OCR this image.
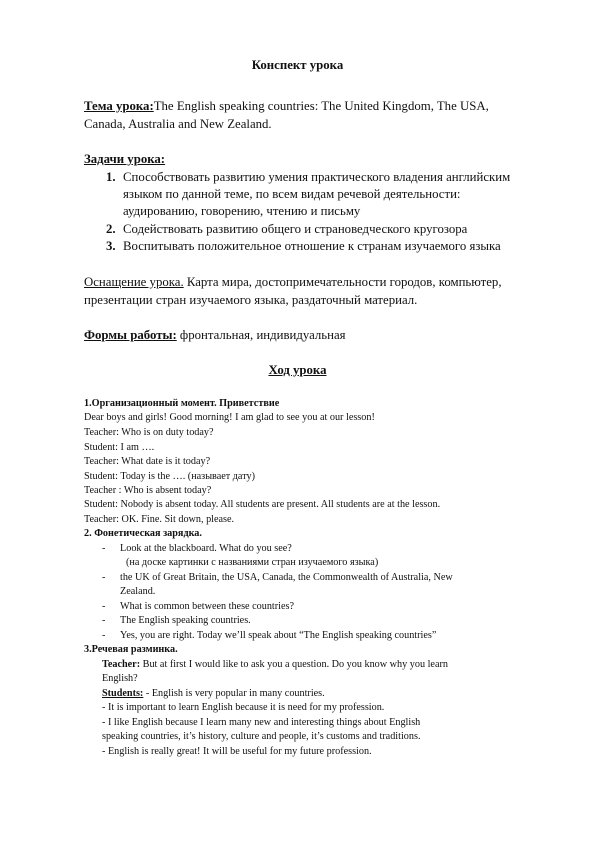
Конспект урока
Тема урока:The English speaking countries: The United Kingdom, The USA,
Canada, Australia and New Zealand.
Задачи урока:
1. Способствовать развитию умения практического владения английским
языком по данной теме, по всем видам речевой деятельности:
аудированию, говорению, чтению и письму
2. Содействовать развитию общего и страноведческого кругозора
3. Воспитывать положительное отношение к странам изучаемого языка
Оснащение урока. Карта мира, достопримечательности городов, компьютер,
презентации стран изучаемого языка, раздаточный материал.
Формы работы: фронтальная, индивидуальная
Ход урока
1.Организационный момент. Приветствие
Dear boys and girls! Good morning! I am glad to see you at our lesson!
Teacher: Who is on duty today?
Student: I am ….
Teacher: What date is it today?
Student: Today is the …. (называет дату)
Teacher : Who is absent today?
Student: Nobody is absent today. All students are present. All students are at the lesson.
Teacher: OK. Fine. Sit down, please.
2. Фонетическая зарядка.
- Look at the blackboard. What do you see?
(на доске картинки с названиями стран изучаемого языка)
- the UK of Great Britain, the USA, Canada, the Commonwealth of Australia, New
Zealand.
- What is common between these countries?
- The English speaking countries.
- Yes, you are right. Today we’ll speak about “The English speaking countries”
3.Речевая разминка.
Teacher: But at first I would like to ask you a question. Do you know why you learn
English?
Students: - English is very popular in many countries.
- It is important to learn English because it is need for my profession.
- I like English because I learn many new and interesting things about English
speaking countries, it’s history, culture and people, it’s customs and traditions.
- English is really great! It will be useful for my future profession.
